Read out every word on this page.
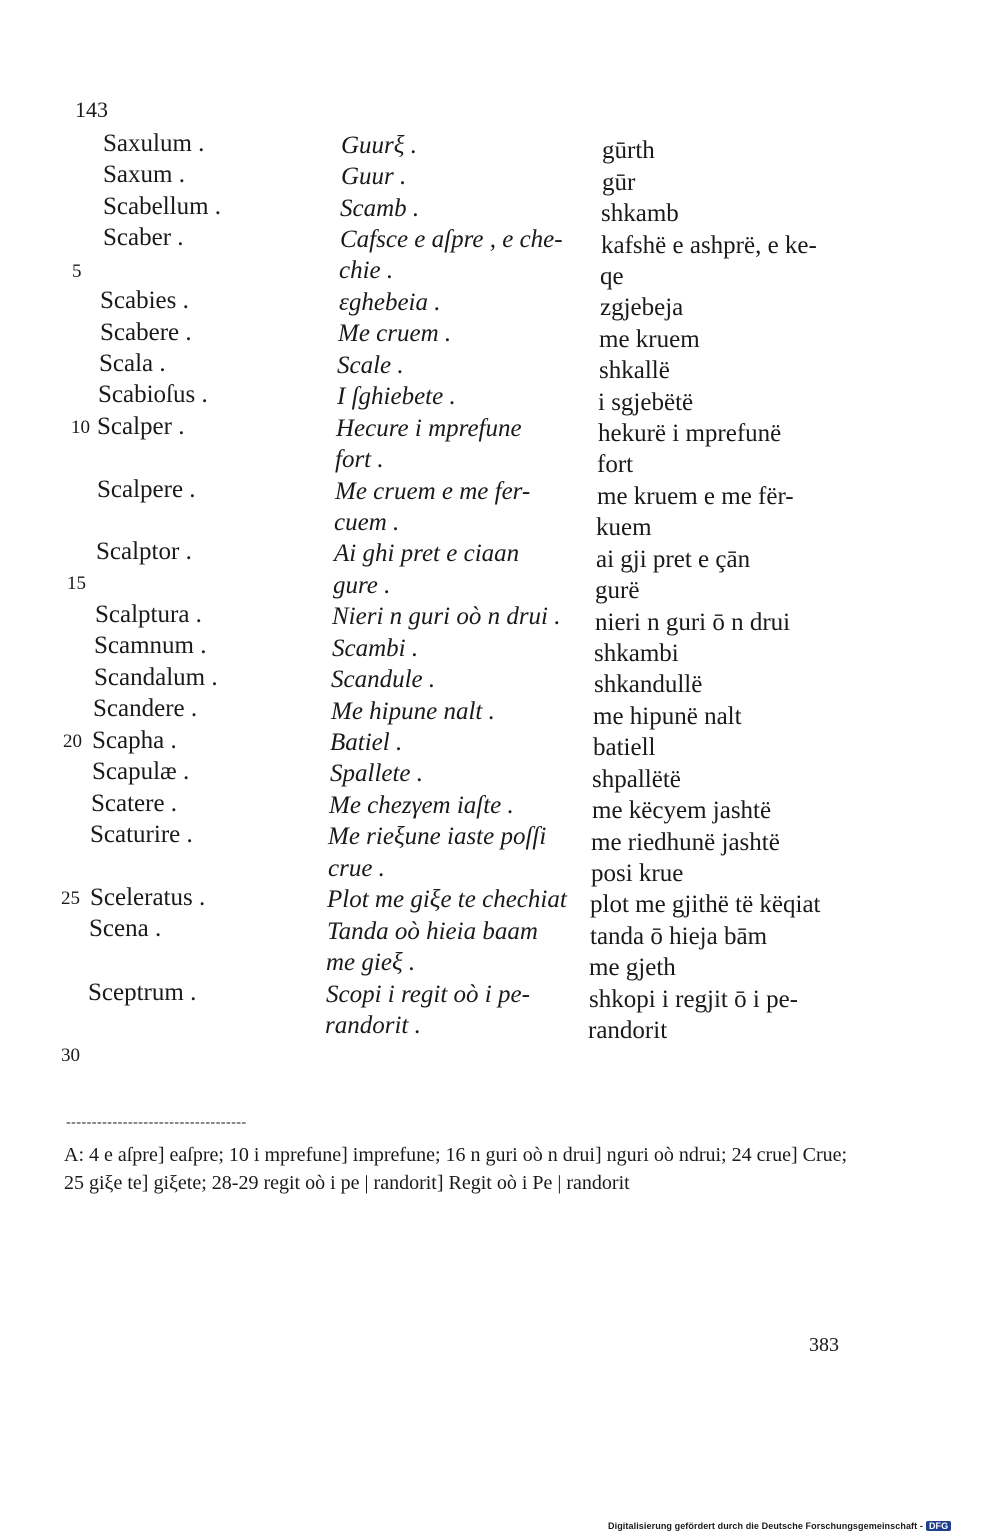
143
5
10
15
20
25
30
Saxulum .
Saxum .
Scabellum .
Scaber .
Scabies .
Scabere .
Scala .
Scabioſus .
Scalper .
Scalpere .
Scalptor .
Scalptura .
Scamnum .
Scandalum .
Scandere .
Scapha .
Scapulæ .
Scatere .
Scaturire .
Sceleratus .
Scena .
Sceptrum .
Guurξ .
Guur .
Scamb .
Cafsce e aſpre , e che-
chie .
εghebeia .
Me cruem .
Scale .
I ſghiebete .
Hecure i mprefune
fort .
Me cruem e me fer-
cuem .
Ai ghi pret e ciaan
gure .
Nieri n guri oò n drui .
Scambi .
Scandule .
Me hipune nalt .
Batiel .
Spallete .
Me chezγem iaſte .
Me rieξune iaste poſſi
crue .
Plot me giξe te chechiat
Tanda oò hieia baam
me gieξ .
Scopi i regit oò i pe-
randorit .
gūrth
gūr
shkamb
kafshë e ashprë, e ke-
qe
zgjebeja
me kruem
shkallë
i sgjebëtë
hekurë i mprefunë
fort
me kruem e me fër-
kuem
ai gji pret e çān
gurë
nieri n guri ō n drui
shkambi
shkandullë
me hipunë nalt
batiell
shpallëtë
me këcyem jashtë
me riedhunë jashtë
posi krue
plot me gjithë të këqiat
tanda ō hieja bām
me gjeth
shkopi i regjit ō i pe-
randorit
-----------------------------------
A: 4 e aſpre] eaſpre; 10 i mprefune] imprefune; 16 n guri oò n drui] nguri oò ndrui; 24 crue] Crue; 25 giξe te] giξete; 28-29 regit oò i pe | randorit] Regit oò i Pe | randorit
383
Digitalisierung gefördert durch die Deutsche Forschungsgemeinschaft - DFG
